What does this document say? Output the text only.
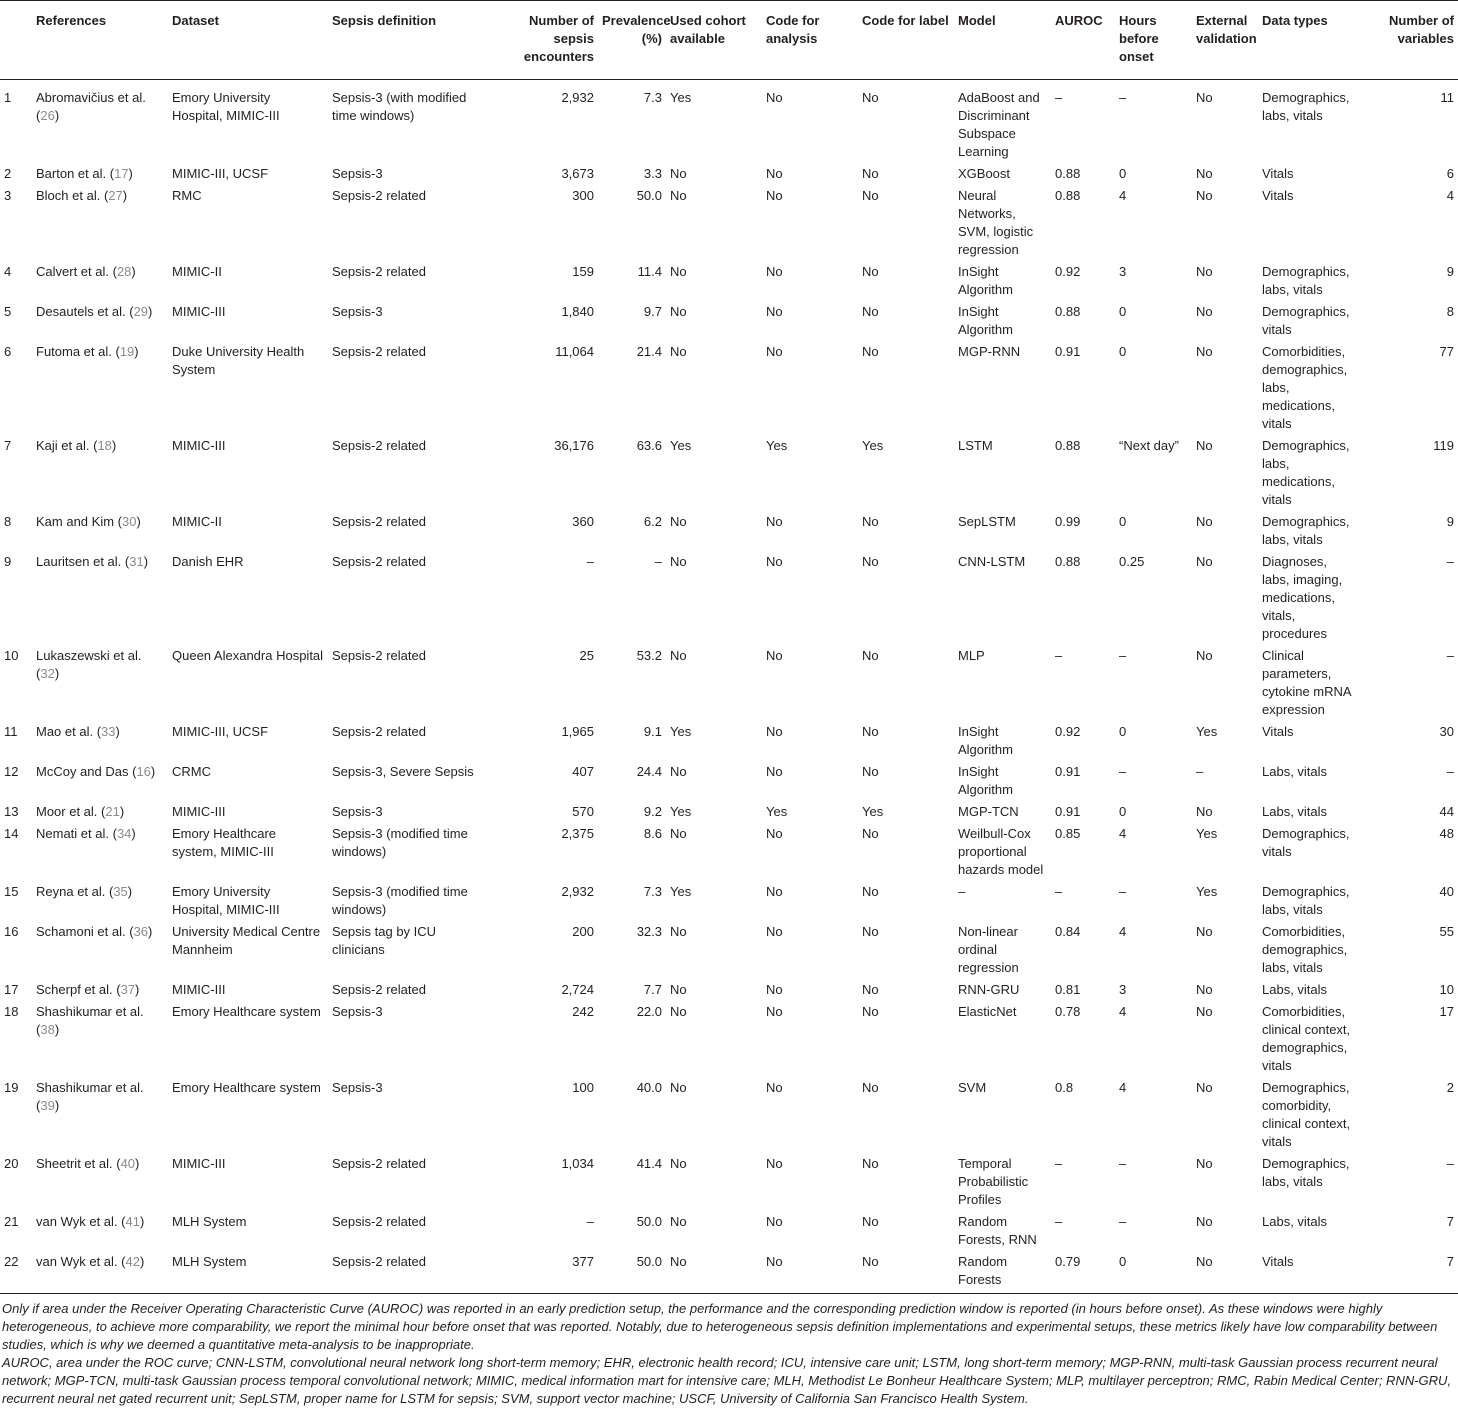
	References	Dataset	Sepsis definition	Number of sepsis encounters	Prevalence (%)	Used cohort available	Code for analysis	Code for label	Model	AUROC	Hours before onset	External validation	Data types	Number of variables
1	Abromavičius et al. (26)	Emory University Hospital, MIMIC-III	Sepsis-3 (with modified time windows)	2,932	7.3	Yes	No	No	AdaBoost and Discriminant Subspace Learning	–	–	No	Demographics, labs, vitals	11
2	Barton et al. (17)	MIMIC-III, UCSF	Sepsis-3	3,673	3.3	No	No	No	XGBoost	0.88	0	No	Vitals	6
3	Bloch et al. (27)	RMC	Sepsis-2 related	300	50.0	No	No	No	Neural Networks, SVM, logistic regression	0.88	4	No	Vitals	4
4	Calvert et al. (28)	MIMIC-II	Sepsis-2 related	159	11.4	No	No	No	InSight Algorithm	0.92	3	No	Demographics, labs, vitals	9
5	Desautels et al. (29)	MIMIC-III	Sepsis-3	1,840	9.7	No	No	No	InSight Algorithm	0.88	0	No	Demographics, vitals	8
6	Futoma et al. (19)	Duke University Health System	Sepsis-2 related	11,064	21.4	No	No	No	MGP-RNN	0.91	0	No	Comorbidities, demographics, labs, medications, vitals	77
7	Kaji et al. (18)	MIMIC-III	Sepsis-2 related	36,176	63.6	Yes	Yes	Yes	LSTM	0.88	“Next day”	No	Demographics, labs, medications, vitals	119
8	Kam and Kim (30)	MIMIC-II	Sepsis-2 related	360	6.2	No	No	No	SepLSTM	0.99	0	No	Demographics, labs, vitals	9
9	Lauritsen et al. (31)	Danish EHR	Sepsis-2 related	–	–	No	No	No	CNN-LSTM	0.88	0.25	No	Diagnoses, labs, imaging, medications, vitals, procedures	–
10	Lukaszewski et al. (32)	Queen Alexandra Hospital	Sepsis-2 related	25	53.2	No	No	No	MLP	–	–	No	Clinical parameters, cytokine mRNA expression	–
11	Mao et al. (33)	MIMIC-III, UCSF	Sepsis-2 related	1,965	9.1	Yes	No	No	InSight Algorithm	0.92	0	Yes	Vitals	30
12	McCoy and Das (16)	CRMC	Sepsis-3, Severe Sepsis	407	24.4	No	No	No	InSight Algorithm	0.91	–	–	Labs, vitals	–
13	Moor et al. (21)	MIMIC-III	Sepsis-3	570	9.2	Yes	Yes	Yes	MGP-TCN	0.91	0	No	Labs, vitals	44
14	Nemati et al. (34)	Emory Healthcare system, MIMIC-III	Sepsis-3 (modified time windows)	2,375	8.6	No	No	No	Weilbull-Cox proportional hazards model	0.85	4	Yes	Demographics, vitals	48
15	Reyna et al. (35)	Emory University Hospital, MIMIC-III	Sepsis-3 (modified time windows)	2,932	7.3	Yes	No	No	–	–	–	Yes	Demographics, labs, vitals	40
16	Schamoni et al. (36)	University Medical Centre Mannheim	Sepsis tag by ICU clinicians	200	32.3	No	No	No	Non-linear ordinal regression	0.84	4	No	Comorbidities, demographics, labs, vitals	55
17	Scherpf et al. (37)	MIMIC-III	Sepsis-2 related	2,724	7.7	No	No	No	RNN-GRU	0.81	3	No	Labs, vitals	10
18	Shashikumar et al. (38)	Emory Healthcare system	Sepsis-3	242	22.0	No	No	No	ElasticNet	0.78	4	No	Comorbidities, clinical context, demographics, vitals	17
19	Shashikumar et al. (39)	Emory Healthcare system	Sepsis-3	100	40.0	No	No	No	SVM	0.8	4	No	Demographics, comorbidity, clinical context, vitals	2
20	Sheetrit et al. (40)	MIMIC-III	Sepsis-2 related	1,034	41.4	No	No	No	Temporal Probabilistic Profiles	–	–	No	Demographics, labs, vitals	–
21	van Wyk et al. (41)	MLH System	Sepsis-2 related	–	50.0	No	No	No	Random Forests, RNN	–	–	No	Labs, vitals	7
22	van Wyk et al. (42)	MLH System	Sepsis-2 related	377	50.0	No	No	No	Random Forests	0.79	0	No	Vitals	7

Only if area under the Receiver Operating Characteristic Curve (AUROC) was reported in an early prediction setup, the performance and the corresponding prediction window is reported (in hours before onset). As these windows were highly heterogeneous, to achieve more comparability, we report the minimal hour before onset that was reported. Notably, due to heterogeneous sepsis definition implementations and experimental setups, these metrics likely have low comparability between studies, which is why we deemed a quantitative meta-analysis to be inappropriate.

AUROC, area under the ROC curve; CNN-LSTM, convolutional neural network long short-term memory; EHR, electronic health record; ICU, intensive care unit; LSTM, long short-term memory; MGP-RNN, multi-task Gaussian process recurrent neural network; MGP-TCN, multi-task Gaussian process temporal convolutional network; MIMIC, medical information mart for intensive care; MLH, Methodist Le Bonheur Healthcare System; MLP, multilayer perceptron; RMC, Rabin Medical Center; RNN-GRU, recurrent neural net gated recurrent unit; SepLSTM, proper name for LSTM for sepsis; SVM, support vector machine; USCF, University of California San Francisco Health System.
